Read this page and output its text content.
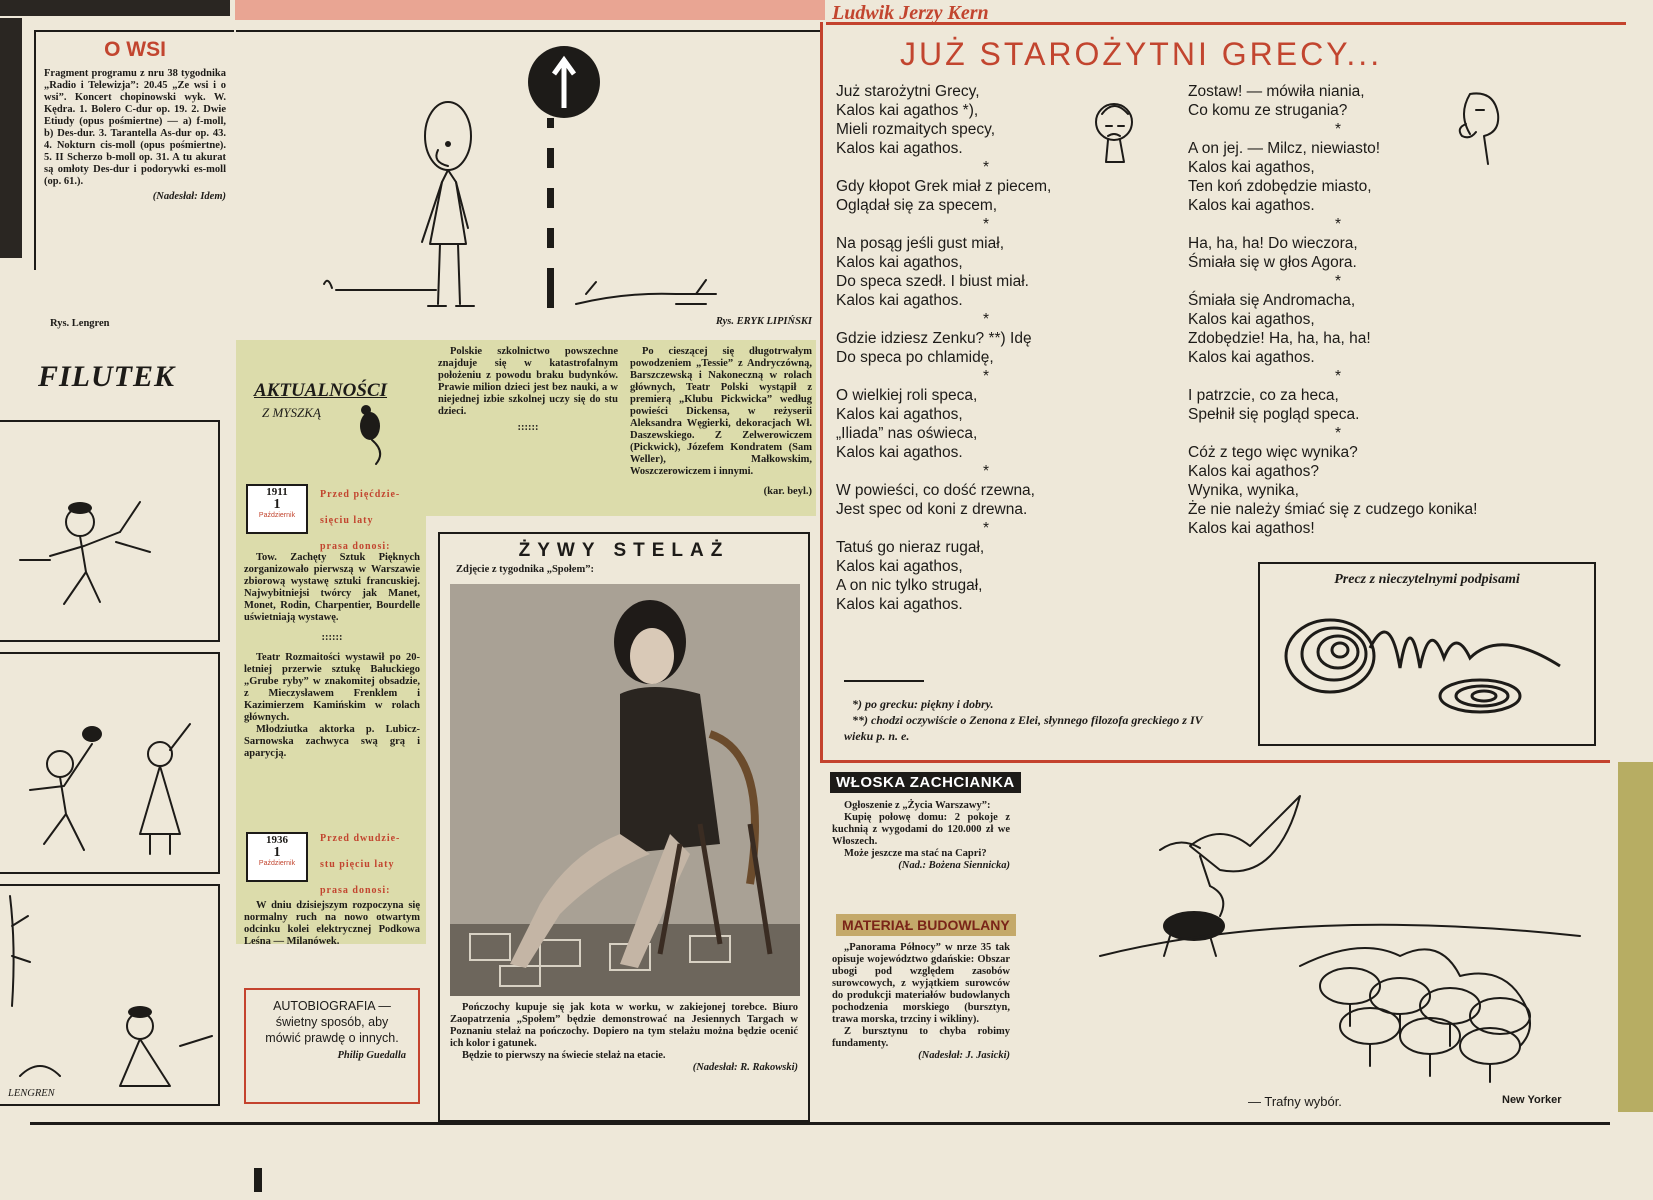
O WSI
Fragment programu z nru 38 tygodnika „Radio i Telewizja”: 20.45 „Ze wsi i o wsi”. Koncert chopinowski wyk. W. Kędra. 1. Bolero C-dur op. 19. 2. Dwie Etiudy (opus pośmiertne) — a) f-moll, b) Des-dur. 3. Tarantella As-dur op. 43. 4. Nokturn cis-moll (opus pośmiertne). 5. II Scherzo b-moll op. 31. A tu akurat są omłoty Des-dur i podorywki es-moll (op. 61.).
(Nadesłał: Idem)
Rys. ERYK LIPIŃSKI
Rys. Lengren
FILUTEK
LENGREN
AKTUALNOŚCI
Z MYSZKĄ
1911
1
Październik
Przed pięćdzie-
sięciu laty
prasa donosi:

Tow. Zachęty Sztuk Pięknych zorganizowało pierwszą w Warszawie zbiorową wystawę sztuki francuskiej. Najwybitniejsi twórcy jak Manet, Monet, Rodin, Charpentier, Bourdelle uświetniają wystawę.

::::::

Teatr Rozmaitości wystawił po 20-letniej przerwie sztukę Bałuckiego „Grube ryby” w znakomitej obsadzie, z Mieczysławem Frenklem i Kazimierzem Kamińskim w rolach głównych.

Młodziutka aktorka p. Lubicz-Sarnowska zachwyca swą grą i aparycją.

1936
1
Październik
Przed dwudzie-
stu pięciu laty
prasa donosi:
W dniu dzisiejszym rozpoczyna się normalny ruch na nowo otwartym odcinku kolei elektrycznej Podkowa Leśna — Milanówek.

Polskie szkolnictwo powszechne znajduje się w katastrofalnym położeniu z powodu braku budynków. Prawie milion dzieci jest bez nauki, a w niejednej izbie szkolnej uczy się do stu dzieci.

::::::

Po cieszącej się długotrwałym powodzeniem „Tessie” z Andryczówną, Barszczewską i Nakoneczną w rolach głównych, Teatr Polski wystąpił z premierą „Klubu Pickwicka” według powieści Dickensa, w reżyserii Aleksandra Węgierki, dekoracjach Wł. Daszewskiego. Z Zelwerowiczem (Pickwick), Józefem Kondratem (Sam Weller), Małkowskim, Woszczerowiczem i innymi.

(kar. beyl.)

AUTOBIOGRAFIA — świetny sposób, aby mówić prawdę o innych.
Philip Guedalla
ŻYWY STELAŻ
Zdjęcie z tygodnika „Społem”:
Pończochy kupuje się jak kota w worku, w zakiejonej torebce. Biuro Zaopatrzenia „Społem” będzie demonstrować na Jesiennych Targach w Poznaniu stelaż na pończochy. Dopiero na tym stelażu można będzie ocenić ich kolor i gatunek.
Będzie to pierwszy na świecie stelaż na etacie.
(Nadesłał: R. Rakowski)
Ludwik Jerzy Kern
JUŻ STAROŻYTNI GRECY...
Już starożytni Grecy,
Kalos kai agathos *),
Mieli rozmaitych specy,
Kalos kai agathos.
*
Gdy kłopot Grek miał z piecem,
Oglądał się za specem,
*
Na posąg jeśli gust miał,
Kalos kai agathos,
Do speca szedł. I biust miał.
Kalos kai agathos.
*
Gdzie idziesz Zenku? **) Idę
Do speca po chlamidę,
*
O wielkiej roli speca,
Kalos kai agathos,
„Iliada” nas oświeca,
Kalos kai agathos.
*
W powieści, co dość rzewna,
Jest spec od koni z drewna.
*
Tatuś go nieraz rugał,
Kalos kai agathos,
A on nic tylko strugał,
Kalos kai agathos.
Zostaw! — mówiła niania,
Co komu ze strugania?
*
A on jej. — Milcz, niewiasto!
Kalos kai agathos,
Ten koń zdobędzie miasto,
Kalos kai agathos.
*
Ha, ha, ha! Do wieczora,
Śmiała się w głos Agora.
*
Śmiała się Andromacha,
Kalos kai agathos,
Zdobędzie! Ha, ha, ha, ha!
Kalos kai agathos.
*
I patrzcie, co za heca,
Spełnił się pogląd speca.
*
Cóż z tego więc wynika?
Kalos kai agathos?
Wynika, wynika,
Że nie należy śmiać się z cudzego konika!
Kalos kai agathos!
*) po grecku: piękny i dobry.
**) chodzi oczywiście o Zenona z Elei, słynnego filozofa greckiego z IV wieku p. n. e.
Precz z nieczytelnymi podpisami
WŁOSKA ZACHCIANKA

Ogłoszenie z „Życia Warszawy”:

Kupię połowę domu: 2 pokoje z kuchnią z wygodami do 120.000 zł we Włoszech.

Może jeszcze ma stać na Capri?

(Nad.: Bożena Siennicka)

MATERIAŁ BUDOWLANY

„Panorama Północy” w nrze 35 tak opisuje województwo gdańskie: Obszar ubogi pod względem zasobów surowcowych, z wyjątkiem surowców do produkcji materiałów budowlanych pochodzenia morskiego (bursztyn, trawa morska, trzciny i wikliny).

Z bursztynu to chyba robimy fundamenty.

(Nadesłał: J. Jasicki)

— Trafny wybór.	New Yorker
